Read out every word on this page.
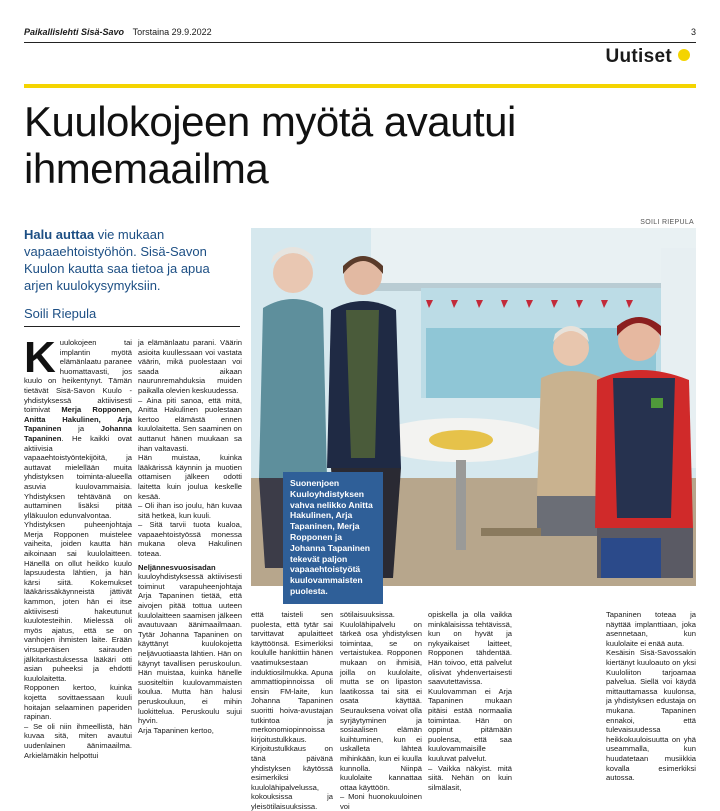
Paikallislehti Sisä-Savo Torstaina 29.9.2022	3
Uutiset
Kuulokojeen myötä avautui ihmemaailma
Halu auttaa vie mukaan vapaaehtoistyöhön. Sisä-Savon Kuulon kautta saa tietoa ja apua arjen kuulokysymyksiin.
Soili Riepula

Kuulokojeen tai implantin myötä elämänlaatu paranee huomattavasti, jos kuulo on heikentynyt. Tämän tietävät Sisä-Savon Kuulo -yhdistyksessä aktiivisesti toimivat Merja Ropponen, Anitta Hakulinen, Arja Tapaninen ja Johanna Tapaninen. He kaikki ovat aktiivisia vapaaehtoistyöntekijöitä, ja auttavat mielellään muita yhdistyksen toiminta-alueella asuvia kuulovammaisia. Yhdistyksen tehtävänä on auttaminen lisäksi pitää ylläkuulon edunvalvontaa.

Yhdistyksen puheenjohtaja Merja Ropponen muistelee vaiheita, joiden kautta hän aikoinaan sai kuulolaitteen. Hänellä on ollut heikko kuulo lapsuudesta lähtien, ja hän kärsi siitä. Kokemukset lääkärissäkäynneistä jättivät kammon, joten hän ei itse aktiivisesti hakeutunut kuulotesteihin. Mielessä oli myös ajatus, että se on vanhojen ihmisten laite. Erään virsuperäisen sairauden jälkitarkastuksessa lääkäri otti asian puheeksi ja ehdotti kuulolaitetta.

Ropponen kertoo, kuinka kojetta sovittaessaan kuuli hoitajan selaaminen paperiden rapinan.

– Se oli niin ihmeellistä, hän kuvaa sitä, miten avautui uudenlainen äänimaailma. Arkielämäkin helpottui

ja elämänlaatu parani. Väärin asioita kuullessaan voi vastata väärin, mikä puolestaan voi saada aikaan naurunremahduksia muiden paikalla olevien keskuudessa.

– Aina piti sanoa, että mitä, Anitta Hakulinen puolestaan kertoo elämästä ennen kuulolaitetta. Sen saaminen on auttanut hänen muukaan sa ihan valtavasti.

Hän muistaa, kuinka lääkärissä käynnin ja muotien ottamisen jälkeen odotti laitetta kuin joulua keskelle kesää.

– Oli ihan iso joulu, hän kuvaa sitä hetkeä, kun kuuli.

– Sitä tarvii tuota kualoa, vapaaehtoistyössä monessa mukana oleva Hakulinen toteaa.

Neljännesvuosisadan kuuloyhdistyksessä aktiivisesti toiminut varapuheenjohtaja Arja Tapaninen tietää, että aivojen pitää tottua uuteen kuulolaitteen saamisen jälkeen avautuvaan äänimaailmaan. Tytär Johanna Tapaninen on käyttänyt kuulokojetta neljävuotiaasta lähtien. Hän on käynyt tavallisen peruskoulun. Hän muistaa, kuinka hänelle suositeltiin kuulovammaisten koulua. Mutta hän halusi peruskouluun, ei mihin luokittelua. Peruskoulu sujui hyvin.

Arja Tapaninen kertoo,

SOILI RIEPULA
Suonenjoen Kuuloyhdistyksen vahva nelikko Anitta Hakulinen, Arja Tapaninen, Merja Ropponen ja Johanna Tapaninen tekevät paljon vapaaehtoistyötä kuulovammaisten puolesta.

että taisteli sen puolesta, että tytär sai tarvittavat apulaitteet käyttöönsä. Esimerkiksi koululle hankittiin hänen vaatimuksestaan induktiosilmukka. Apuna ammattiopinnoissa oli ensin FM-laite, kun Johanna Tapaninen suoritti hoiva-avustajan tutkintoa ja merkonomiopinnoissa kirjoitustulkkaus.

Kirjoitustulkkaus on tänä päivänä yhdistyksen käytössä esimerkiksi kuulolähipalvelussa, kokouksissa ja yleisötilaisuuksissa.

sötilaisuuksissa.

Kuulolähipalvelu on tärkeä osa yhdistyksen toimintaa, se on vertaistukea. Ropponen mukaan on ihmisiä, joilla on kuulolaite, mutta se on lipaston laatikossa tai sitä ei osata käyttää. Seurauksena voivat olla syrjäytyminen ja sosiaalisen elämän kuihtuminen, kun ei uskalleta lähteä mihinkään, kun ei kuulla kunnolla. Niinpä kuulolaite kannattaa ottaa käyttöön.

– Moni huonokuuloinen voi

opiskella ja olla vaikka minkälaisissa tehtävissä, kun on hyvät ja nykyaikaiset laitteet, Ropponen tähdentää. Hän toivoo, että palvelut olisivat yhdenvertaisesti saavutettavissa.

Kuulovamman ei Arja Tapaninen mukaan pitäisi estää normaalia toimintaa. Hän on oppinut pitämään puolensa, että saa kuulovammaisille kuuluvat palvelut.

– Vaikka näkyist. mitä siitä. Nehän on kuin silmälasit,

Tapaninen toteaa ja näyttää implanttiaan, joka asennetaan, kun kuulolaite ei enää auta.

Kesäisin Sisä-Savossakin kiertänyt kuuloauto on yksi Kuuloliiton tarjoamaa palvelua. Siellä voi käydä mittauttamassa kuulonsa, ja yhdistyksen edustaja on mukana. Tapaninen ennakoi, että tulevaisuudessa heikkokuuloisuutta on yhä useammalla, kun huudatetaan musiikkia kovalla esimerkiksi autossa.
